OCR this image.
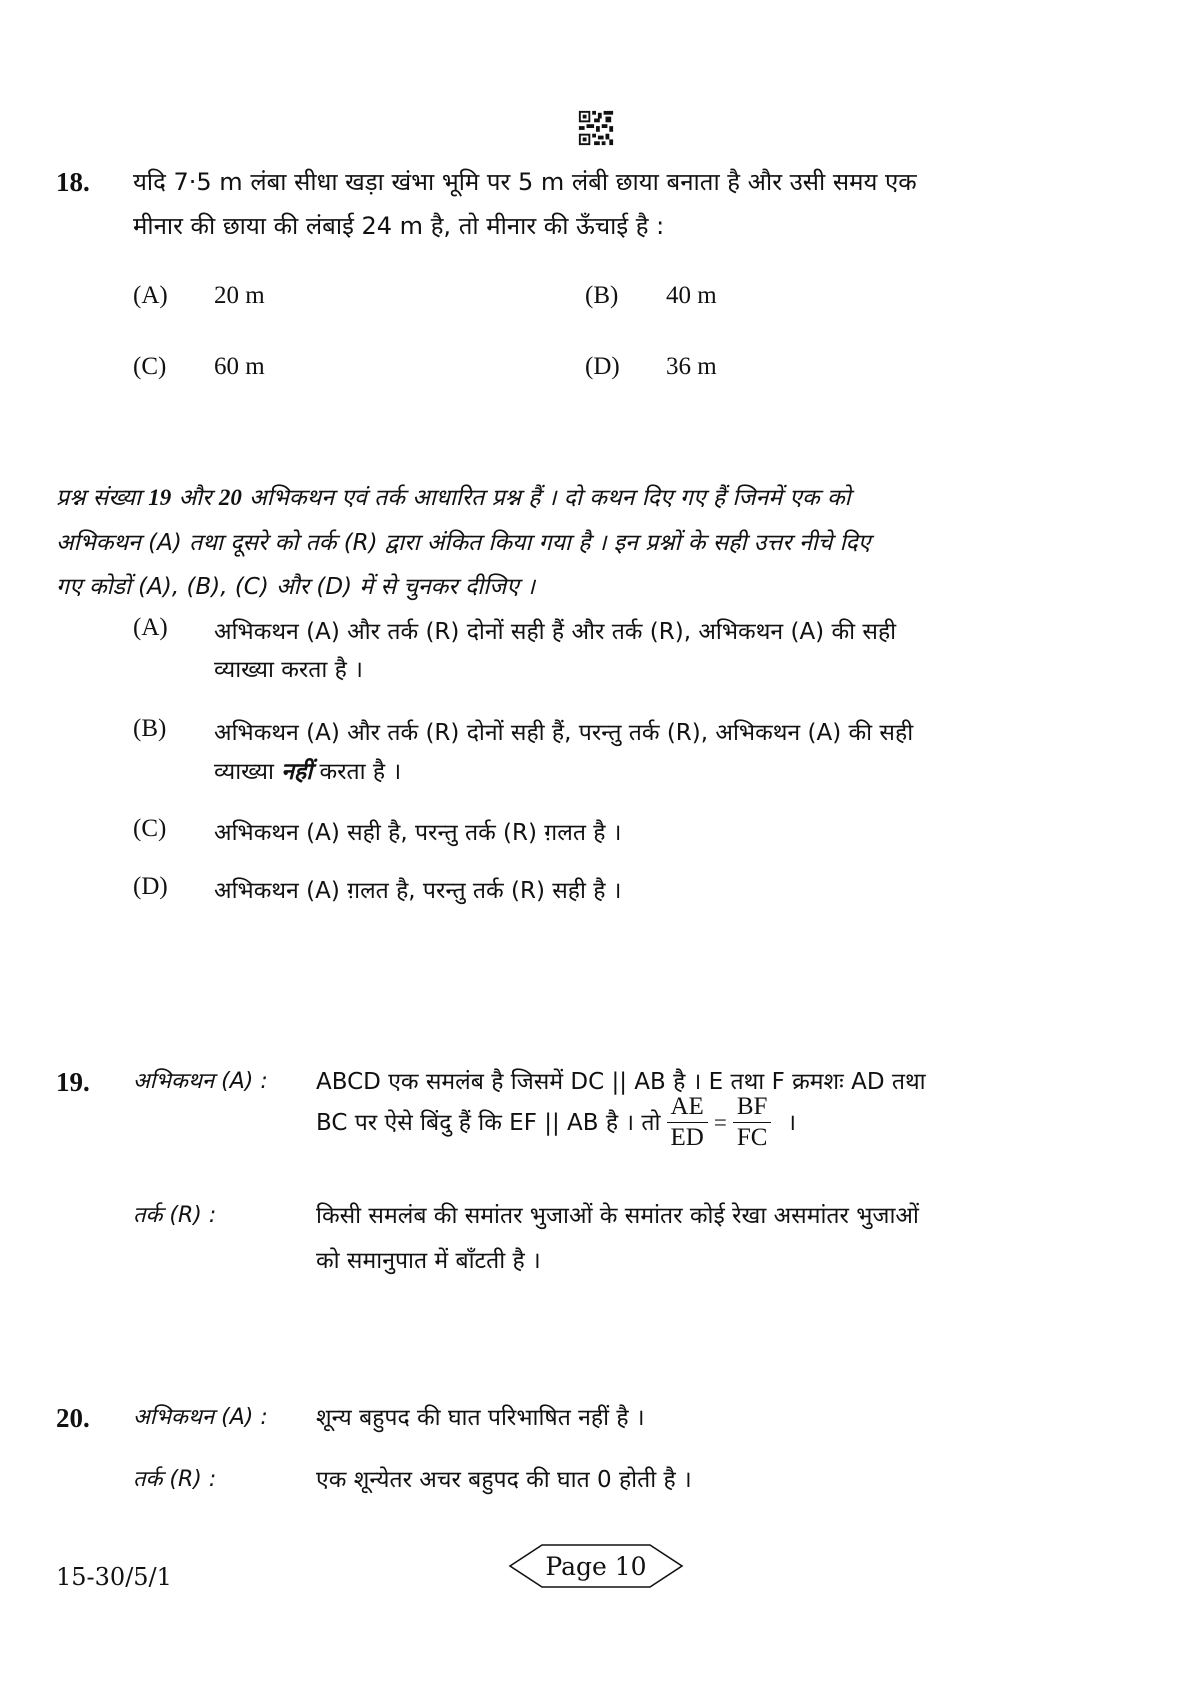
18. यदि 7·5 m लंबा सीधा खड़ा खंभा भूमि पर 5 m लंबी छाया बनाता है और उसी समय एक
मीनार की छाया की लंबाई 24 m है, तो मीनार की ऊँचाई है :
(A) 20 m	(B) 40 m
(C) 60 m	(D) 36 m
प्रश्न संख्या 19 और 20 अभिकथन एवं तर्क आधारित प्रश्न हैं । दो कथन दिए गए हैं जिनमें एक को
अभिकथन (A) तथा दूसरे को तर्क (R) द्वारा अंकित किया गया है । इन प्रश्नों के सही उत्तर नीचे दिए
गए कोडों (A), (B), (C) और (D) में से चुनकर दीजिए ।
(A) अभिकथन (A) और तर्क (R) दोनों सही हैं और तर्क (R), अभिकथन (A) की सही
व्याख्या करता है ।
(B) अभिकथन (A) और तर्क (R) दोनों सही हैं, परन्तु तर्क (R), अभिकथन (A) की सही
व्याख्या नहीं करता है ।
(C) अभिकथन (A) सही है, परन्तु तर्क (R) ग़लत है ।
(D) अभिकथन (A) ग़लत है, परन्तु तर्क (R) सही है ।
19. अभिकथन (A) : ABCD एक समलंब है जिसमें DC || AB है । E तथा F क्रमशः AD तथा
BC पर ऐसे बिंदु हैं कि EF || AB है । तो $\frac{AE}{ED} = \frac{BF}{FC}$ ।
तर्क (R) :	किसी समलंब की समांतर भुजाओं के समांतर कोई रेखा असमांतर भुजाओं
को समानुपात में बाँटती है ।
20. अभिकथन (A) : शून्य बहुपद की घात परिभाषित नहीं है ।
तर्क (R) :	एक शून्येतर अचर बहुपद की घात 0 होती है ।
15-30/5/1	Page 10
